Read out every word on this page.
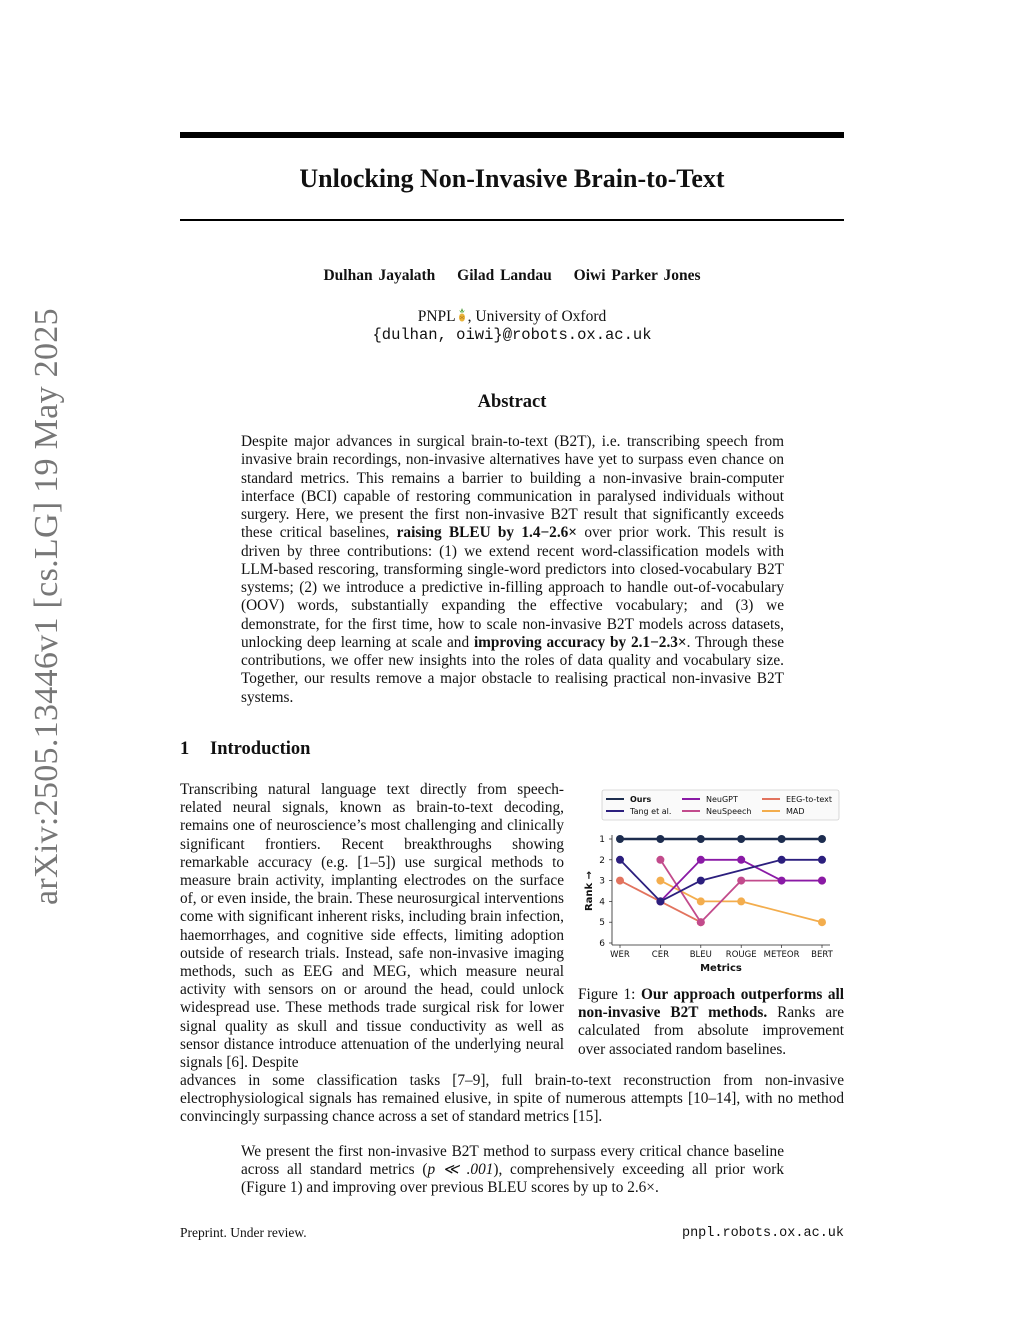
arXiv:2505.13446v1 [cs.LG] 19 May 2025
Unlocking Non-Invasive Brain-to-Text
Dulhan Jayalath Gilad Landau Oiwi Parker Jones
PNPL , University of Oxford
{dulhan, oiwi}@robots.ox.ac.uk
Abstract
Despite major advances in surgical brain-to-text (B2T), i.e. transcribing speech from invasive brain recordings, non-invasive alternatives have yet to surpass even chance on standard metrics. This remains a barrier to building a non-invasive brain-computer interface (BCI) capable of restoring communication in paralysed individuals without surgery. Here, we present the first non-invasive B2T result that significantly exceeds these critical baselines, raising BLEU by 1.4−2.6× over prior work. This result is driven by three contributions: (1) we extend recent word-classification models with LLM-based rescoring, transforming single-word predictors into closed-vocabulary B2T systems; (2) we introduce a predictive in-filling approach to handle out-of-vocabulary (OOV) words, substantially expanding the effective vocabulary; and (3) we demonstrate, for the first time, how to scale non-invasive B2T models across datasets, unlocking deep learning at scale and improving accuracy by 2.1−2.3×. Through these contributions, we offer new insights into the roles of data quality and vocabulary size. Together, our results remove a major obstacle to realising practical non-invasive B2T systems.
1 Introduction
Transcribing natural language text directly from speech-related neural signals, known as brain-to-text decoding, remains one of neuroscience’s most challenging and clinically significant frontiers. Recent breakthroughs showing remarkable accuracy (e.g. [1–5]) use surgical methods to measure brain activity, implanting electrodes on the surface of, or even inside, the brain. These neurosurgical interventions come with significant inherent risks, including brain infection, haemorrhages, and cognitive side effects, limiting adoption outside of research trials. Instead, safe non-invasive imaging methods, such as EEG and MEG, which measure neural activity with sensors on or around the head, could unlock widespread use. These methods trade surgical risk for lower signal quality as skull and tissue conductivity as well as sensor distance introduce attenuation of the underlying neural signals [6]. Despite
advances in some classification tasks [7–9], full brain-to-text reconstruction from non-invasive electrophysiological signals has remained elusive, in spite of numerous attempts [10–14], with no method convincingly surpassing chance across a set of standard metrics [15].
1
2
3
4
5
6
WER	CER BLEU ROUGE METEOR BERT
Metrics
Rank →
Ours
Tang et al.
NeuGPT
NeuSpeech
EEG-to-text
MAD
Figure 1: Our approach outperforms all non-invasive B2T methods. Ranks are calculated from absolute improvement over associated random baselines.
We present the first non-invasive B2T method to surpass every critical chance baseline across all standard metrics (p ≪ .001), comprehensively exceeding all prior work (Figure 1) and improving over previous BLEU scores by up to 2.6×.
Preprint. Under review.	pnpl.robots.ox.ac.uk
